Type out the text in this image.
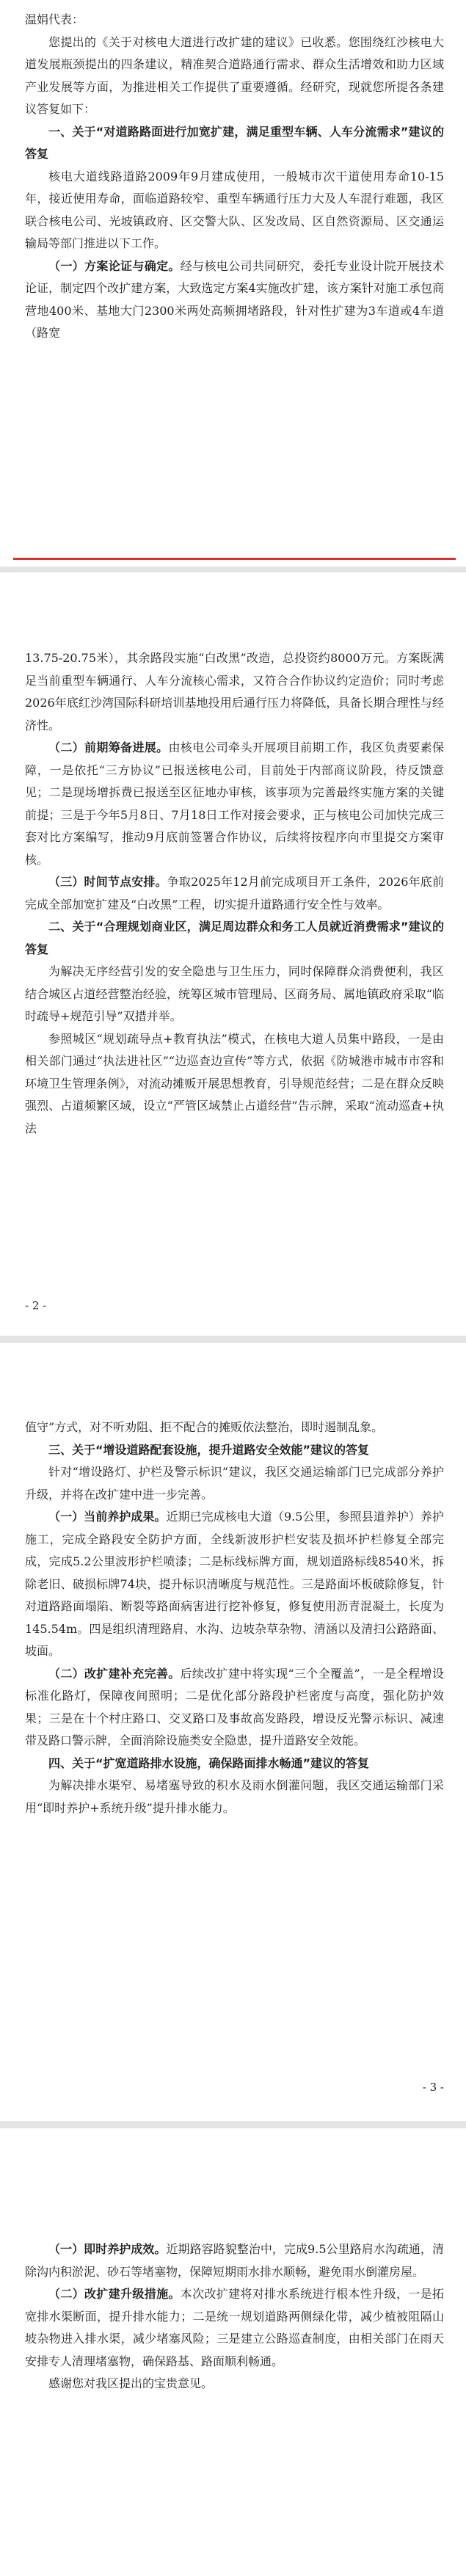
温娟代表：

您提出的《关于对核电大道进行改扩建的建议》已收悉。您围绕红沙核电大道发展瓶颈提出的四条建议，精准契合道路通行需求、群众生活增效和助力区域产业发展等方面，为推进相关工作提供了重要遵循。经研究，现就您所提各条建议答复如下：

一、关于“对道路路面进行加宽扩建，满足重型车辆、人车分流需求”建议的答复

核电大道线路道路2009年9月建成使用，一般城市次干道使用寿命10-15年，接近使用寿命，面临道路较窄、重型车辆通行压力大及人车混行难题，我区联合核电公司、光坡镇政府、区交警大队、区发改局、区自然资源局、区交通运输局等部门推进以下工作。

（一）方案论证与确定。经与核电公司共同研究，委托专业设计院开展技术论证，制定四个改扩建方案，大致选定方案4实施改扩建，该方案针对施工承包商营地400米、基地大门2300米两处高频拥堵路段，针对性扩建为3车道或4车道（路宽

13.75-20.75米），其余路段实施“白改黑”改造，总投资约8000万元。方案既满足当前重型车辆通行、人车分流核心需求，又符合合作协议约定造价；同时考虑2026年底红沙湾国际科研培训基地投用后通行压力将降低，具备长期合理性与经济性。

（二）前期筹备进展。由核电公司牵头开展项目前期工作，我区负责要素保障，一是依托“三方协议”已报送核电公司，目前处于内部商议阶段，待反馈意见；二是现场增拆费已报送至区征地办审核，该事项为完善最终实施方案的关键前提；三是于今年5月8日、7月18日工作对接会要求，正与核电公司加快完成三套对比方案编写，推动9月底前签署合作协议，后续将按程序向市里提交方案审核。

（三）时间节点安排。争取2025年12月前完成项目开工条件，2026年底前完成全部加宽扩建及“白改黑”工程，切实提升道路通行安全性与效率。

二、关于“合理规划商业区，满足周边群众和务工人员就近消费需求”建议的答复

为解决无序经营引发的安全隐患与卫生压力，同时保障群众消费便利，我区结合城区占道经营整治经验，统筹区城市管理局、区商务局、属地镇政府采取“临时疏导+规范引导”双措并举。

参照城区“规划疏导点+教育执法”模式，在核电大道人员集中路段，一是由相关部门通过“执法进社区”“边巡查边宣传”等方式，依据《防城港市城市市容和环境卫生管理条例》，对流动摊贩开展思想教育，引导规范经营；二是在群众反映强烈、占道频繁区域，设立“严管区域禁止占道经营”告示牌，采取“流动巡查+执法

- 2 -

值守”方式，对不听劝阻、拒不配合的摊贩依法整治，即时遏制乱象。

三、关于“增设道路配套设施，提升道路安全效能”建议的答复

针对“增设路灯、护栏及警示标识”建议，我区交通运输部门已完成部分养护升级，并将在改扩建中进一步完善。

（一）当前养护成果。近期已完成核电大道（9.5公里，参照县道养护）养护施工，完成全路段安全防护方面，全线新波形护栏安装及损坏护栏修复全部完成，完成5.2公里波形护栏喷漆；二是标线标牌方面，规划道路标线8540米，拆除老旧、破损标牌74块，提升标识清晰度与规范性。三是路面坏板破除修复，针对道路路面塌陷、断裂等路面病害进行挖补修复，修复使用沥青混凝土，长度为145.54m。四是组织清理路肩、水沟、边坡杂草杂物、清涵以及清扫公路路面、坡面。

（二）改扩建补充完善。后续改扩建中将实现“三个全覆盖”，一是全程增设标准化路灯，保障夜间照明；二是优化部分路段护栏密度与高度，强化防护效果；三是在十个村庄路口、交叉路口及事故高发路段，增设反光警示标识、减速带及路口警示牌，全面消除设施类安全隐患，提升道路安全效能。

四、关于“扩宽道路排水设施，确保路面排水畅通”建议的答复

为解决排水渠窄、易堵塞导致的积水及雨水倒灌问题，我区交通运输部门采用“即时养护+系统升级”提升排水能力。

- 3 -

（一）即时养护成效。近期路容路貌整治中，完成9.5公里路肩水沟疏通，清除沟内积淤泥、砂石等堵塞物，保障短期雨水排水顺畅，避免雨水倒灌房屋。

（二）改扩建升级措施。本次改扩建将对排水系统进行根本性升级，一是拓宽排水渠断面，提升排水能力；二是统一规划道路两侧绿化带，减少植被阻隔山坡杂物进入排水渠，减少堵塞风险；三是建立公路巡查制度，由相关部门在雨天安排专人清理堵塞物，确保路基、路面顺利畅通。

感谢您对我区提出的宝贵意见。
